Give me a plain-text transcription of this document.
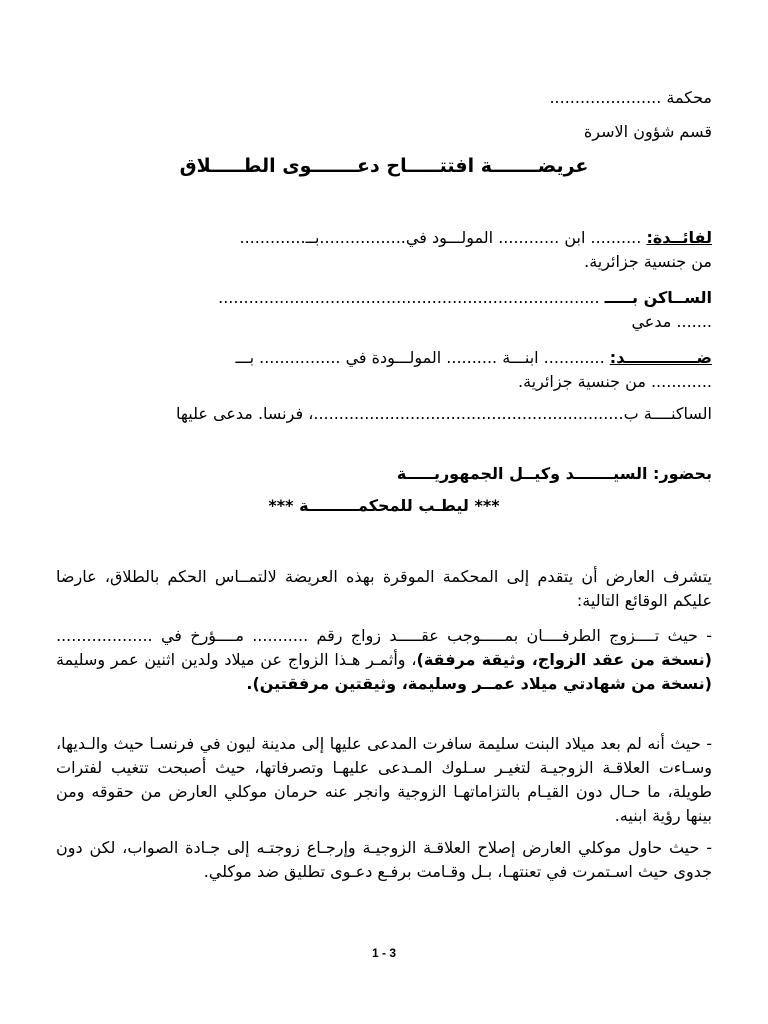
محكمة ......................

قسم شؤون الاسرة

عريضـــــــة افتتـــــاح دعـــــــوى الطـــــلاق

لفائــدة: .......... ابن ............ المولـــود في.................بــ.............
من جنسية جزائرية.

الســاكن بـــــ ...........................................................................
....... مدعي

ضـــــــــــــد: ............ ابنـــة .......... المولـــودة في ................ بـــ
............ من جنسية جزائرية.

الساكنــــة ب.............................................................، فرنسا. مدعى عليها

بحضور: السيـــــــد وكيــل الجمهوريـــــة

*** ليطـب للمحكمـــــــــة ***

يتشرف العارض أن يتقدم إلى المحكمة الموقرة بهذه العريضة لالتمــاس الحكم بالطلاق، عارضا عليكم الوقائع التالية:

- حيث تــــزوج الطرفــــان بمـــــوجب عقـــــد زواج رقم ........... مــــؤرخ في ................... (نسخة من عقد الزواج، وثيقة مرفقة)، وأثمـر هـذا الزواج عن ميلاد ولدين اثنين عمر وسليمة (نسخة من شهادتي ميلاد عمــر وسليمة، وثيقتين مرفقتين).

- حيث أنه لم بعد ميلاد البنت سليمة سافرت المدعى عليها إلى مدينة ليون في فرنسـا حيث والـديها، وسـاءت العلاقـة الزوجيـة لتغيـر سـلوك المـدعى عليهـا وتصرفاتها، حيث أصبحت تتغيب لفترات طويلة، ما حـال دون القيـام بالتزاماتهـا الزوجية وانجر عنه حرمان موكلي العارض من حقوقه ومن بينها رؤية ابنيه.

- حيث حاول موكلي العارض إصلاح العلاقـة الزوجيـة وإرجـاع زوجتـه إلى جـادة الصواب، لكن دون جدوى حيث اسـتمرت في تعنتهـا، بـل وقـامت برفـع دعـوى تطليق ضد موكلي.

1 - 3
